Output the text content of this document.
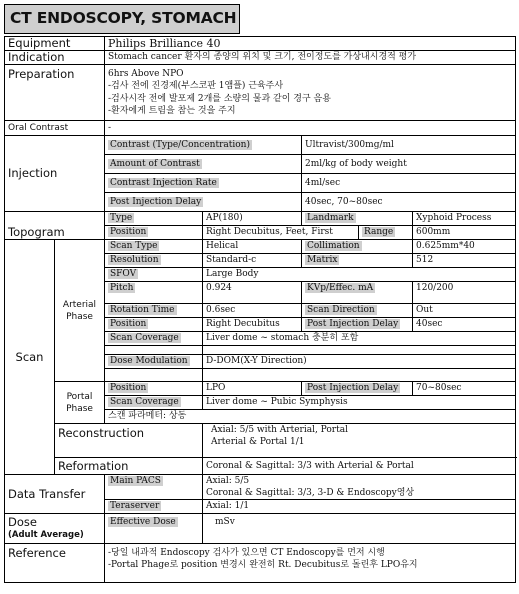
CT ENDOSCOPY, STOMACH
Equipment		Philips Brilliance 40				
Indication		Stomach cancer 환자의 종양의 위치 및 크기, 전이정도를 가상내시경적 평가				
Preparation		6hrs Above NPO
-검사 전에 진경제(부스코판 1앰플) 근육주사
-검사시작 전에 발포제 2개를 소량의 물과 같이 경구 음용
-환자에게 트림을 참는 것을 주지				

Oral Contrast		-				
Injection		Contrast (Type/Concentration)		Ultravist/300mg/ml		
		Amount of Contrast		2ml/kg of body weight		
		Contrast Injection Rate		4ml/sec		
		Post Injection Delay		40sec, 70~80sec		
Topogram		Type	AP(180)	Landmark		Xyphoid Process
		Position	Right Decubitus, Feet, First		Range	600mm
Scan	Arterial
Phase	Scan Type	Helical	Collimation		0.625mm*40
		Resolution	Standard-c	Matrix		512
		SFOV	Large Body			
		Pitch	0.924	KVp/Effec. mA		120/200
		Rotation Time	0.6sec	Scan Direction		Out
		Position	Right Decubitus	Post Injection Delay		40sec
		Scan Coverage	Liver dome ~ stomach 충분히 포함			

		Dose Modulation	D-DOM(X-Y Direction)			

	Portal
Phase	Position	LPO	Post Injection Delay		70~80sec
		Scan Coverage	Liver dome ~ Pubic Symphysis			
		스캔 파라메터: 상동				
	Reconstruction		Axial: 5/5 with Arterial, Portal
Arterial & Portal 1/1			

	Reformation		Coronal & Sagittal: 3/3 with Arterial & Portal			
Data Transfer		Main PACS	Axial: 5/5
Coronal & Sagittal: 3/3, 3-D & Endoscopy영상			

		Teraserver	Axial: 1/1			

Dose
(Adult Average)		Effective Dose	mSv			
Reference		-당일 내과적 Endoscopy 검사가 있으면 CT Endoscopy를 먼저 시행
-Portal Phage로 position 변경시 완전히 Rt. Decubitus로 돌린후 LPO유지				
